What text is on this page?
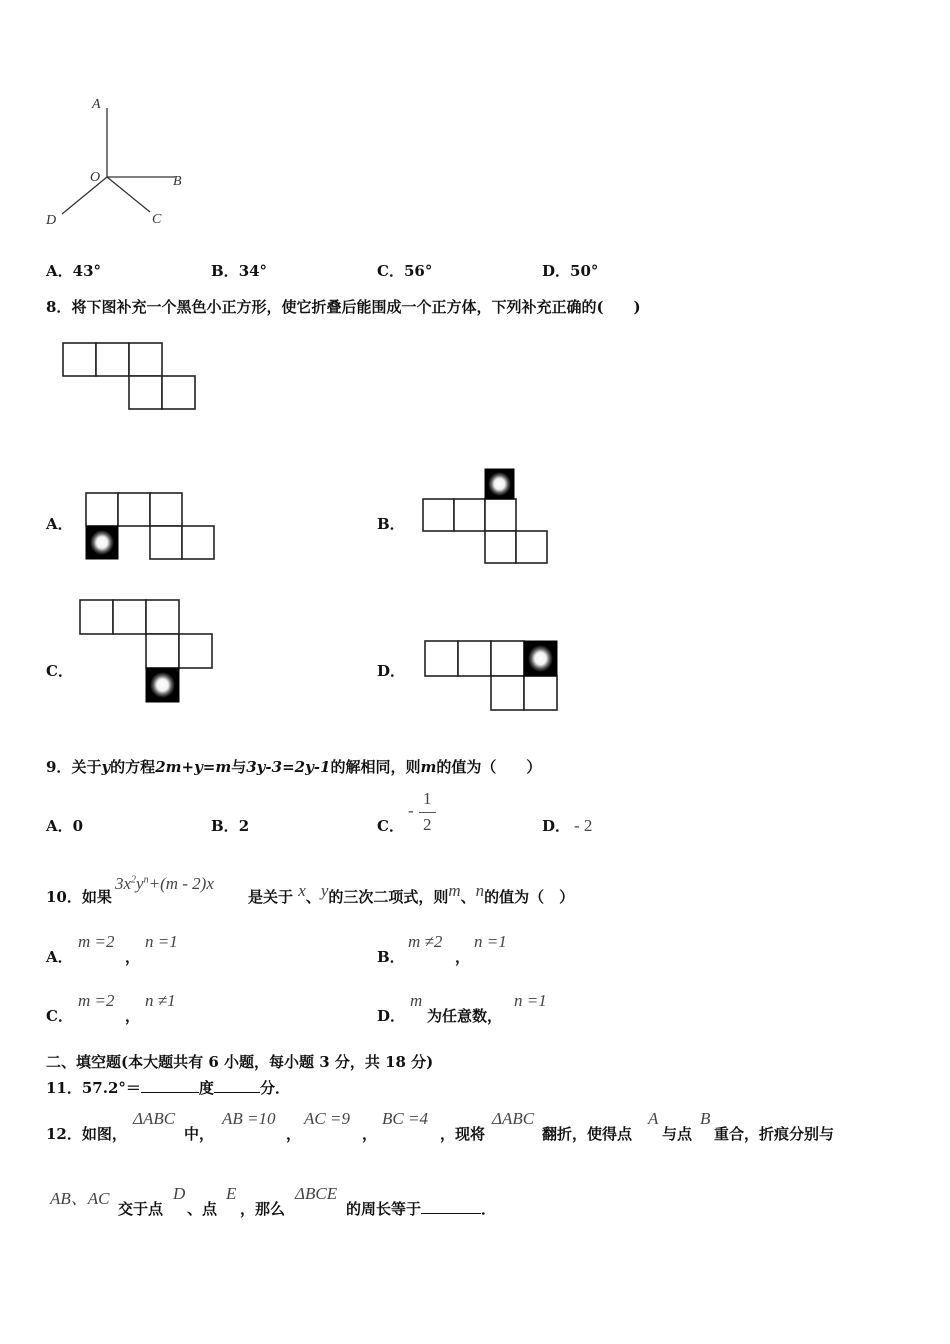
A
O	B
D	C
A．43°	B．34°	C．56°	D．50°
8．将下图补充一个黑色小正方形，使它折叠后能围成一个正方体，下列补充正确的(　　)
A．	B．
C．	D．
9．关于y的方程2m+y=m与3y-3=2y-1的解相同，则m的值为（　　）
A．0	B．2	C．
-
1
2	D． - 2
10．如果
$3x^2y^n+(m - 2)x$
是关于 x、y的三次二项式，则m、n的值为（　）
A．
m =2
，
n =1
B．
m ≠2
，
n =1
C．
m =2
，
n ≠1
D．
m
为任意数，
n =1
二、填空题(本大题共有 6 小题，每小题 3 分，共 18 分)
11．57.2°＝	度	分．
12．如图，
ΔABC
中，
AB =10
，
AC =9
，
BC =4
，现将
ΔABC
翻折，使得点
A
与点
B
重合，折痕分别与
AB、AC
交于点
D
、点
E
，那么
ΔBCE
的周长等于	．
